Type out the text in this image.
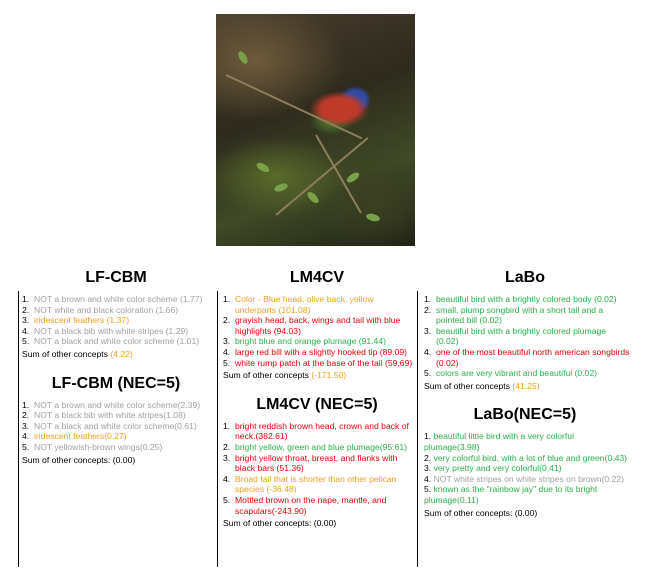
LF-CBM
1. NOT a brown and white color scheme (1.77)
2. NOT white and black coloration (1.66)
3. iridescent feathers (1.37)
4. NOT a black bib with white stripes (1.29)
5. NOT a black and white color scheme (1.01)
Sum of other concepts (4.22)
LF-CBM (NEC=5)
1. NOT a brown and white color scheme(2.39)
2. NOT a black bib with white stripes(1.08)
3. NOT a black and white color scheme(0.61)
4. iridescent feathers(0.27)
5. NOT yellowish-brown wings(0.25)
Sum of other concepts: (0.00)
LM4CV
1. Color - Blue head, olive back, yellow underparts (101.08)
2. grayish head, back, wings and tail with blue highlights (94.03)
3. bright blue and orange plumage (91.44)
4. large red bill with a slightly hooked tip (89.09)
5. white rump patch at the base of the tail (59.69)
Sum of other concepts (-171.50)
LM4CV (NEC=5)
1. bright reddish brown head, crown and back of neck.(382.61)
2. bright yellow, green and blue plumage(95.61)
3. bright yellow throat, breast, and flanks with black bars (51.36)
4. Broad tail that is shorter than other pelican species (-36.48)
5. Mottled brown on the nape, mantle, and scapulars(-243.90)
Sum of other concepts: (0.00)
LaBo
1. beautiful bird with a brightly colored body (0.02)
2. small, plump songbird with a short tail and a pointed bill (0.02)
3. beautiful bird with a brightly colored plumage (0.02)
4. one of the most beautiful north american songbirds (0.02)
5. colors are very vibrant and beautiful (0.02)
Sum of other concepts (41.25)
LaBo(NEC=5)
1. beautiful little bird with a very colorful plumage(3.98)
2. very colorful bird, with a lot of blue and green(0.43)
3. very pretty and very colorful(0.41)
4. NOT white stripes on white stripes on brown(0.22)
5. known as the "rainbow jay" due to its bright plumage(0.11)
Sum of other concepts: (0.00)
